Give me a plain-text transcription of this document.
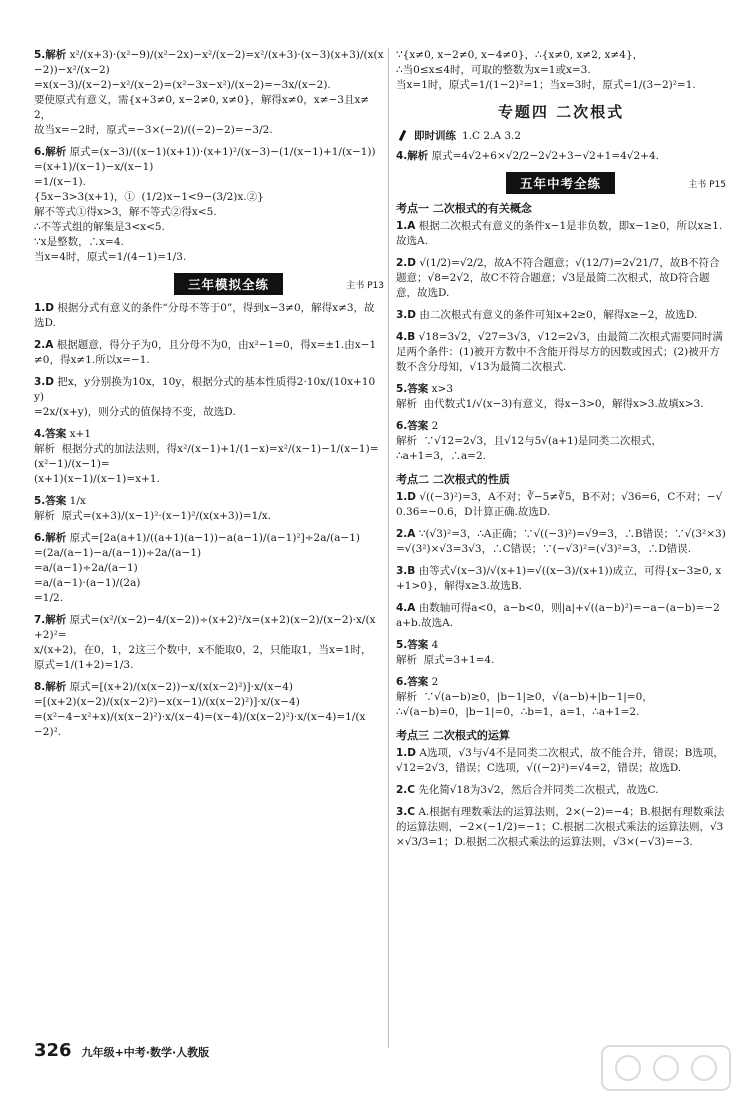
5.解析 x²/(x+3)·(x²−9)/(x²−2x)−x²/(x−2)=x²/(x+3)·(x−3)(x+3)/(x(x−2))−x²/(x−2)
=x(x−3)/(x−2)−x²/(x−2)=(x²−3x−x²)/(x−2)=−3x/(x−2).
要使原式有意义，需{x+3≠0, x−2≠0, x≠0}，解得x≠0，x≠−3且x≠2，
故当x=−2时，原式=−3×(−2)/((−2)−2)=−3/2.
6.解析 原式=(x−3)/((x−1)(x+1))·(x+1)²/(x−3)−(1/(x−1)+1/(x−1))=(x+1)/(x−1)−x/(x−1)
=1/(x−1).
{5x−3>3(x+1)，①  (1/2)x−1<9−(3/2)x.②}
解不等式①得x>3，解不等式②得x<5.
∴不等式组的解集是3<x<5.
∵x是整数，∴x=4.
当x=4时，原式=1/(4−1)=1/3.
三年模拟全练	主书 P13
1.D 根据分式有意义的条件“分母不等于0”，得到x−3≠0，解得x≠3，故选D.
2.A 根据题意，得分子为0，且分母不为0，由x²−1=0，得x=±1.由x−1≠0，得x≠1.所以x=−1.
3.D 把x，y分别换为10x，10y，根据分式的基本性质得2·10x/(10x+10y)
=2x/(x+y)，则分式的值保持不变，故选D.
4.答案 x+1
解析  根据分式的加法法则，得x²/(x−1)+1/(1−x)=x²/(x−1)−1/(x−1)=(x²−1)/(x−1)=
(x+1)(x−1)/(x−1)=x+1.
5.答案 1/x
解析  原式=(x+3)/(x−1)²·(x−1)²/(x(x+3))=1/x.
6.解析 原式=[2a(a+1)/((a+1)(a−1))−a(a−1)/(a−1)²]÷2a/(a−1)
=(2a/(a−1)−a/(a−1))÷2a/(a−1)
=a/(a−1)÷2a/(a−1)
=a/(a−1)·(a−1)/(2a)
=1/2.
7.解析 原式=(x²/(x−2)−4/(x−2))÷(x+2)²/x=(x+2)(x−2)/(x−2)·x/(x+2)²=
x/(x+2)，在0，1，2这三个数中，x不能取0，2，只能取1，当x=1时，
原式=1/(1+2)=1/3.
8.解析 原式=[(x+2)/(x(x−2))−x/(x(x−2)²)]·x/(x−4)
=[(x+2)(x−2)/(x(x−2)²)−x(x−1)/(x(x−2)²)]·x/(x−4)
=(x²−4−x²+x)/(x(x−2)²)·x/(x−4)=(x−4)/(x(x−2)²)·x/(x−4)=1/(x−2)².
∵{x≠0, x−2≠0, x−4≠0}，∴{x≠0, x≠2, x≠4}，
∴当0≤x≤4时，可取的整数为x=1或x=3.
当x=1时，原式=1/(1−2)²=1；当x=3时，原式=1/(3−2)²=1.
专题四 二次根式
即时训练 1.C 2.A 3.2
4.解析 原式=4√2+6×√2/2−2√2+3−√2+1=4√2+4.
五年中考全练	主书 P15
考点一 二次根式的有关概念
1.A 根据二次根式有意义的条件x−1是非负数，即x−1≥0，所以x≥1.故选A.
2.D √(1/2)=√2/2，故A不符合题意；√(12/7)=2√21/7，故B不符合题意；√8=2√2，故C不符合题意；√3是最简二次根式，故D符合题意，故选D.
3.D 由二次根式有意义的条件可知x+2≥0，解得x≥−2，故选D.
4.B √18=3√2，√27=3√3，√12=2√3，由最简二次根式需要同时满足两个条件：(1)被开方数中不含能开得尽方的因数或因式；(2)被开方数不含分母知，√13为最简二次根式.
5.答案 x>3
解析  由代数式1/√(x−3)有意义，得x−3>0，解得x>3.故填x>3.
6.答案 2
解析  ∵√12=2√3，且√12与5√(a+1)是同类二次根式，
∴a+1=3，∴a=2.
考点二 二次根式的性质
1.D √((−3)²)=3，A不对；∛−5≠∛5，B不对；√36=6，C不对；−√0.36=−0.6，D计算正确.故选D.
2.A ∵(√3)²=3，∴A正确；∵√((−3)²)=√9=3，∴B错误；∵√(3²×3)=√(3²)×√3=3√3，∴C错误；∵(−√3)²=(√3)²=3，∴D错误.
3.B 由等式√(x−3)/√(x+1)=√((x−3)/(x+1))成立，可得{x−3≥0, x+1>0}，解得x≥3.故选B.
4.A 由数轴可得a<0，a−b<0，则|a|+√((a−b)²)=−a−(a−b)=−2a+b.故选A.
5.答案 4
解析  原式=3+1=4.
6.答案 2
解析  ∵√(a−b)≥0，|b−1|≥0，√(a−b)+|b−1|=0，
∴√(a−b)=0，|b−1|=0，∴b=1，a=1，∴a+1=2.
考点三 二次根式的运算
1.D A选项，√3与√4不是同类二次根式，故不能合并，错误；B选项，√12=2√3，错误；C选项，√((−2)²)=√4=2，错误；故选D.
2.C 先化简√18为3√2，然后合并同类二次根式，故选C.
3.C A.根据有理数乘法的运算法则，2×(−2)=−4；B.根据有理数乘法的运算法则，−2×(−1/2)=−1；C.根据二次根式乘法的运算法则，√3×√3/3=1；D.根据二次根式乘法的运算法则，√3×(−√3)=−3.
326 九年级+中考·数学·人教版
